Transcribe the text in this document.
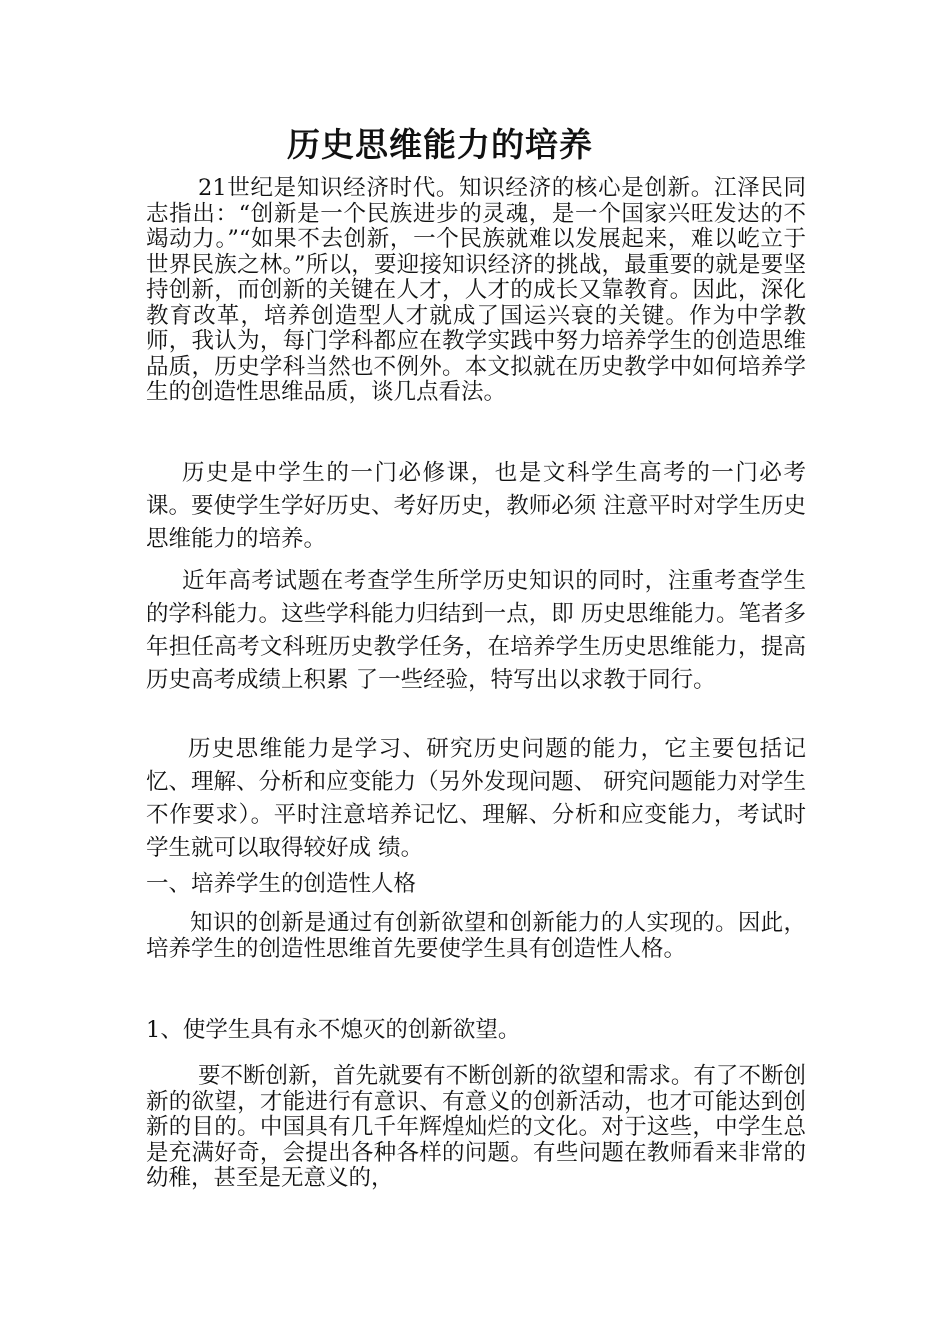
历史思维能力的培养

21世纪是知识经济时代。知识经济的核心是创新。江泽民同志指出：“创新是一个民族进步的灵魂，是一个国家兴旺发达的不竭动力。”“如果不去创新，一个民族就难以发展起来，难以屹立于世界民族之林。”所以，要迎接知识经济的挑战，最重要的就是要坚持创新，而创新的关键在人才，人才的成长又靠教育。因此，深化教育改革，培养创造型人才就成了国运兴衰的关键。作为中学教师，我认为，每门学科都应在教学实践中努力培养学生的创造思维品质，历史学科当然也不例外。本文拟就在历史教学中如何培养学生的创造性思维品质，谈几点看法。

历史是中学生的一门必修课，也是文科学生高考的一门必考课。要使学生学好历史、考好历史，教师必须 注意平时对学生历史思维能力的培养。

近年高考试题在考查学生所学历史知识的同时，注重考查学生的学科能力。这些学科能力归结到一点，即 历史思维能力。笔者多年担任高考文科班历史教学任务，在培养学生历史思维能力，提高历史高考成绩上积累 了一些经验，特写出以求教于同行。

历史思维能力是学习、研究历史问题的能力，它主要包括记忆、理解、分析和应变能力（另外发现问题、 研究问题能力对学生不作要求）。平时注意培养记忆、理解、分析和应变能力，考试时学生就可以取得较好成 绩。

一、培养学生的创造性人格

知识的创新是通过有创新欲望和创新能力的人实现的。因此，培养学生的创造性思维首先要使学生具有创造性人格。

1、使学生具有永不熄灭的创新欲望。

要不断创新，首先就要有不断创新的欲望和需求。有了不断创新的欲望，才能进行有意识、有意义的创新活动，也才可能达到创新的目的。中国具有几千年辉煌灿烂的文化。对于这些，中学生总是充满好奇，会提出各种各样的问题。有些问题在教师看来非常的幼稚，甚至是无意义的，
